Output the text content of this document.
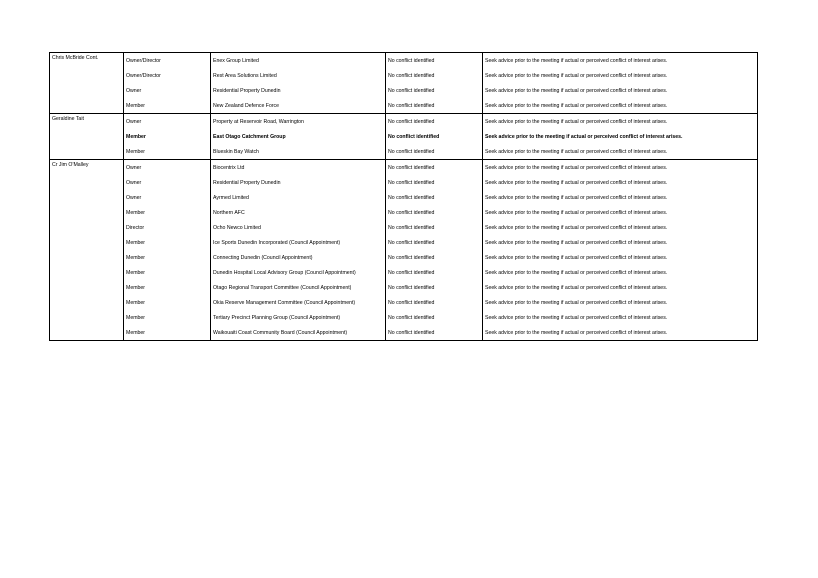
Chris McBride Cont.	Owner/Director	Enex Group Limited	No conflict identified	Seek advice prior to the meeting if actual or perceived conflict of interest arises.
	Owner/Director	Rest Area Solutions Limited	No conflict identified	Seek advice prior to the meeting if actual or perceived conflict of interest arises.
	Owner	Residential Property Dunedin	No conflict identified	Seek advice prior to the meeting if actual or perceived conflict of interest arises.
	Member	New Zealand Defence Force	No conflict identified	Seek advice prior to the meeting if actual or perceived conflict of interest arises.
Geraldine Tait	Owner	Property at Reservoir Road, Warrington	No conflict identified	Seek advice prior to the meeting if actual or perceived conflict of interest arises.
	Member	East Otago Catchment Group	No conflict identified	Seek advice prior to the meeting if actual or perceived conflict of interest arises.
	Member	Blueskin Bay Watch	No conflict identified	Seek advice prior to the meeting if actual or perceived conflict of interest arises.
Cr Jim O'Malley	Owner	Biocentrix Ltd	No conflict identified	Seek advice prior to the meeting if actual or perceived conflict of interest arises.
	Owner	Residential Property Dunedin	No conflict identified	Seek advice prior to the meeting if actual or perceived conflict of interest arises.
	Owner	Ayrmed Limited	No conflict identified	Seek advice prior to the meeting if actual or perceived conflict of interest arises.
	Member	Northern AFC	No conflict identified	Seek advice prior to the meeting if actual or perceived conflict of interest arises.
	Director	Ocho Newco Limited	No conflict identified	Seek advice prior to the meeting if actual or perceived conflict of interest arises.
	Member	Ice Sports Dunedin Incorporated (Council Appointment)	No conflict identified	Seek advice prior to the meeting if actual or perceived conflict of interest arises.
	Member	Connecting Dunedin (Council Appointment)	No conflict identified	Seek advice prior to the meeting if actual or perceived conflict of interest arises.
	Member	Dunedin Hospital Local Advisory Group (Council Appointment)	No conflict identified	Seek advice prior to the meeting if actual or perceived conflict of interest arises.
	Member	Otago Regional Transport Committee (Council Appointment)	No conflict identified	Seek advice prior to the meeting if actual or perceived conflict of interest arises.
	Member	Okia Reserve Management Committee (Council Appointment)	No conflict identified	Seek advice prior to the meeting if actual or perceived conflict of interest arises.
	Member	Tertiary Precinct Planning Group (Council Appointment)	No conflict identified	Seek advice prior to the meeting if actual or perceived conflict of interest arises.
	Member	Waikouaiti Coast Community Board (Council Appointment)	No conflict identified	Seek advice prior to the meeting if actual or perceived conflict of interest arises.
